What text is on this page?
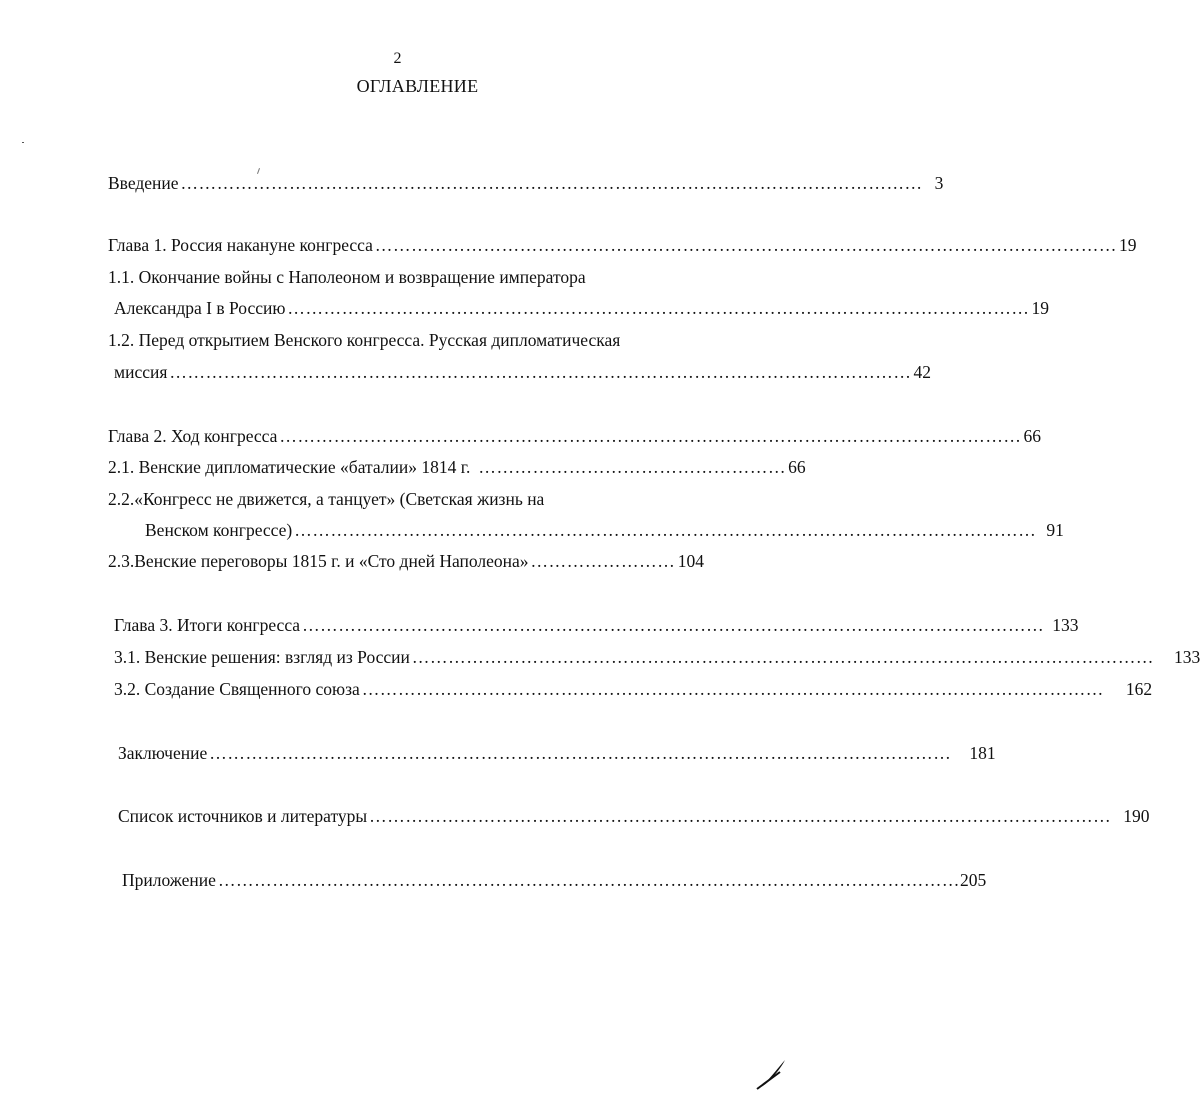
2
ОГЛАВЛЕНИЕ
Введение …………………………………………………………………………………………………………… 3
Глава 1. Россия накануне конгресса …………………………………………………………………………………………………………… 19
1.1. Окончание войны с Наполеоном и возвращение императора
Александра I в Россию …………………………………………………………………………………………………………… 19
1.2. Перед открытием Венского конгресса. Русская дипломатическая
миссия …………………………………………………………………………………………………………… 42
Глава 2. Ход конгресса …………………………………………………………………………………………………………… 66
2.1. Венские дипломатические «баталии» 1814 г. …………………………………………… 66
2.2.«Конгресс не движется, а танцует» (Светская жизнь на
Венском конгрессе) …………………………………………………………………………………………………………… 91
2.3.Венские переговоры 1815 г. и «Сто дней Наполеона» …………………… 104
Глава 3. Итоги конгресса …………………………………………………………………………………………………………… 133
3.1. Венские решения: взгляд из России …………………………………………………………………………………………………………… 133
3.2. Создание Священного союза …………………………………………………………………………………………………………… 162
Заключение …………………………………………………………………………………………………………… 181
Список источников и литературы …………………………………………………………………………………………………………… 190
Приложение …………………………………………………………………………………………………………… 205
